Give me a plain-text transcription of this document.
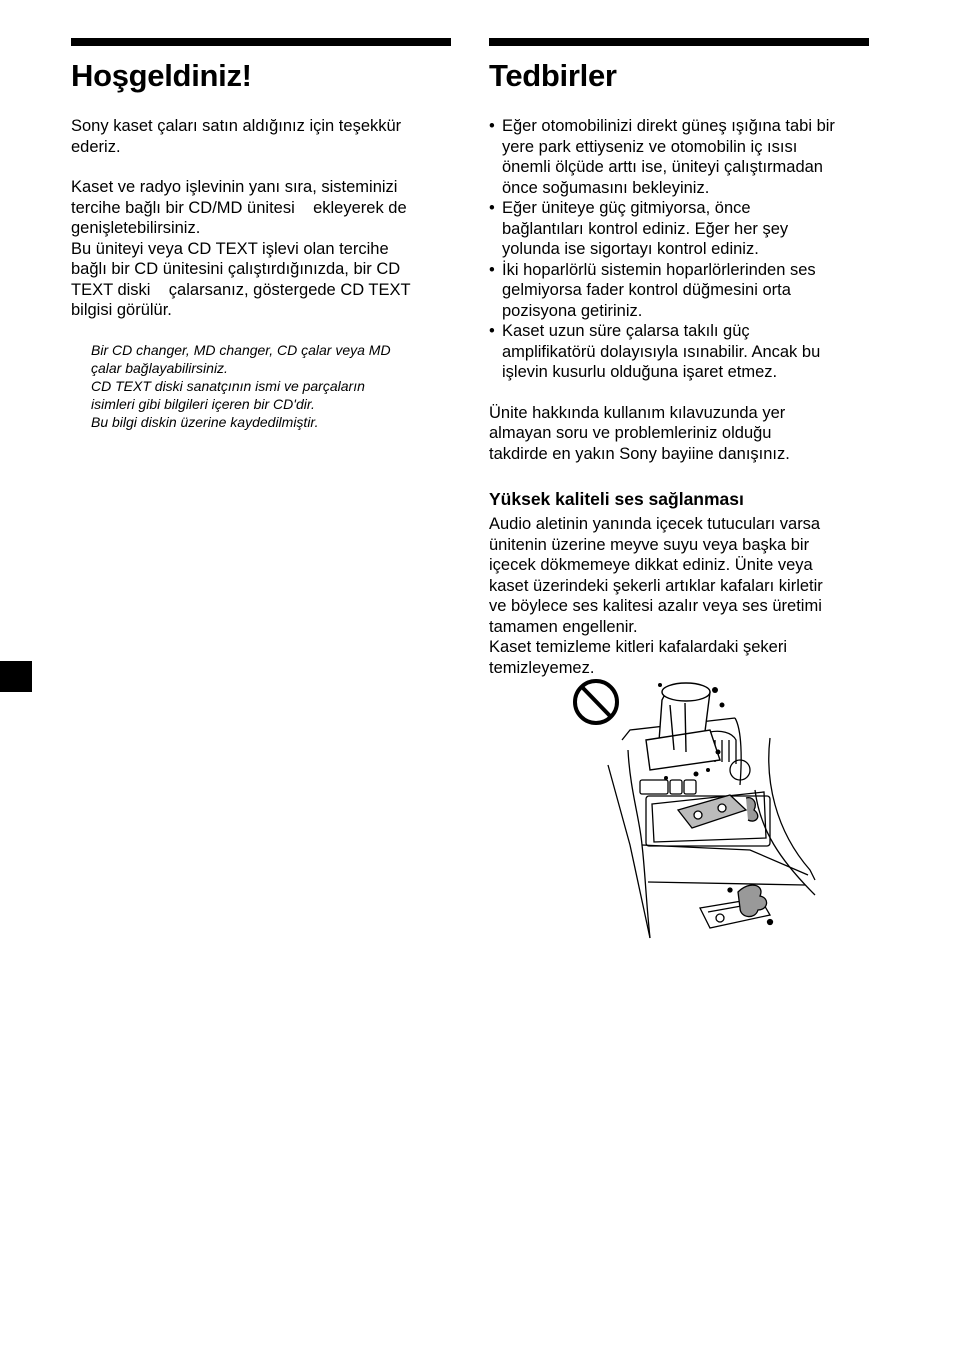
Hoşgeldiniz!
Sony kaset çaları satın aldığınız için teşekkür
ederiz.
Kaset ve radyo işlevinin yanı sıra, sisteminizi
tercihe bağlı bir CD/MD ünitesi    ekleyerek de
genişletebilirsiniz.
Bu üniteyi veya CD TEXT işlevi olan tercihe
bağlı bir CD ünitesini çalıştırdığınızda, bir CD
TEXT diski    çalarsanız, göstergede CD TEXT
bilgisi görülür.
Bir CD changer, MD changer, CD çalar veya MD
çalar bağlayabilirsiniz.
CD TEXT diski sanatçının ismi ve parçaların
isimleri gibi bilgileri içeren bir CD'dir.
Bu bilgi diskin üzerine kaydedilmiştir.
Tedbirler
• Eğer otomobilinizi direkt güneş ışığına tabi bir
yere park ettiyseniz ve otomobilin iç ısısı
önemli ölçüde arttı ise, üniteyi çalıştırmadan
önce soğumasını bekleyiniz.
• Eğer üniteye güç gitmiyorsa, önce
bağlantıları kontrol ediniz. Eğer her şey
yolunda ise sigortayı kontrol ediniz.
• İki hoparlörlü sistemin hoparlörlerinden ses
gelmiyorsa fader kontrol düğmesini orta
pozisyona getiriniz.
• Kaset uzun süre çalarsa takılı güç
amplifikatörü dolayısıyla ısınabilir. Ancak bu
işlevin kusurlu olduğuna işaret etmez.
Ünite hakkında kullanım kılavuzunda yer
almayan soru ve problemleriniz olduğu
takdirde en yakın Sony bayiine danışınız.
Yüksek kaliteli ses sağlanması
Audio aletinin yanında içecek tutucuları varsa
ünitenin üzerine meyve suyu veya başka bir
içecek dökmemeye dikkat ediniz. Ünite veya
kaset üzerindeki şekerli artıklar kafaları kirletir
ve böylece ses kalitesi azalır veya ses üretimi
tamamen engellenir.
Kaset temizleme kitleri kafalardaki şekeri
temizleyemez.
